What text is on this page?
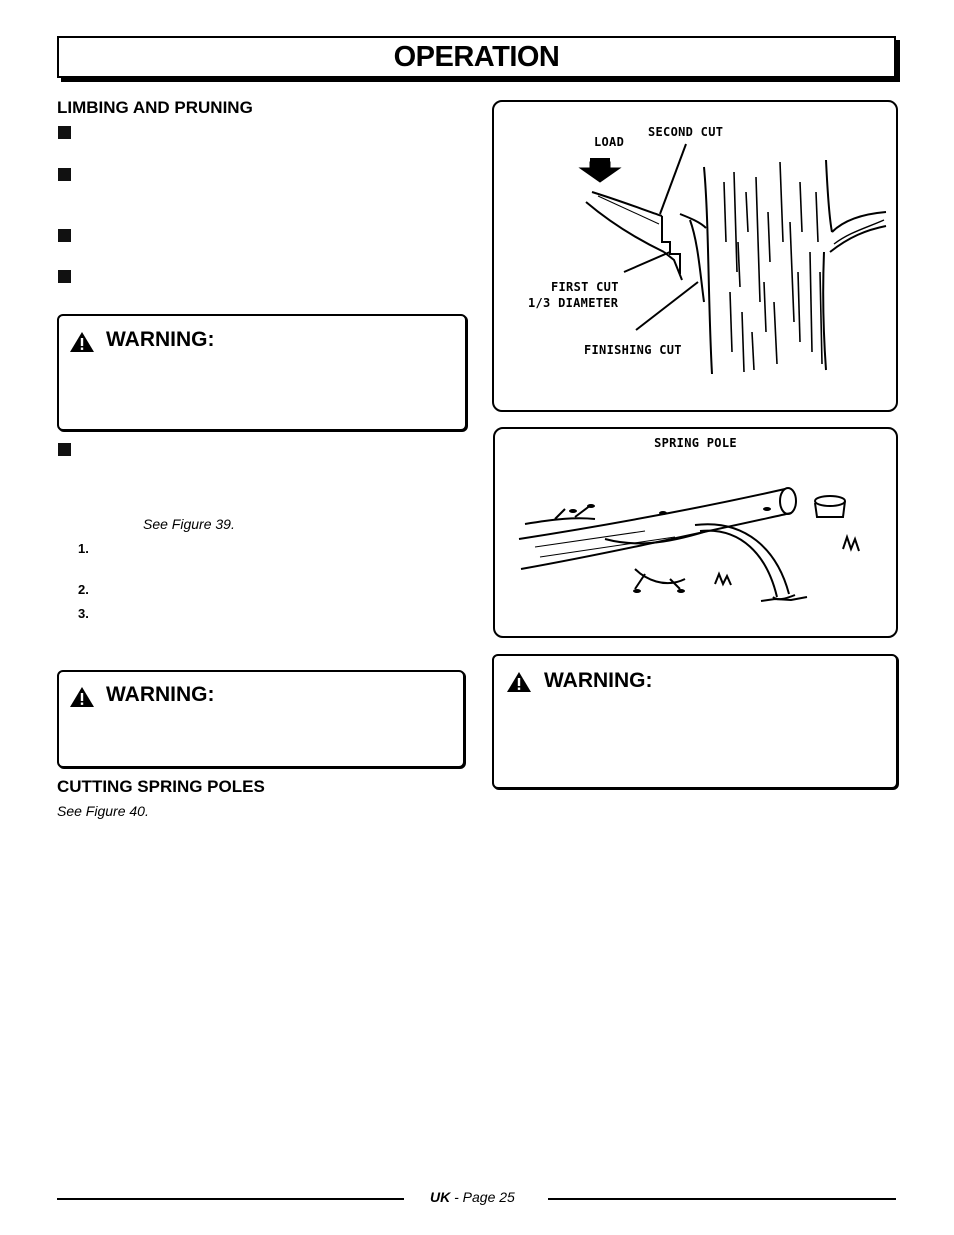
OPERATION
LIMBING AND PRUNING
WARNING:
See Figure 39.
1.
2.
3.
WARNING:
CUTTING SPRING POLES
See Figure 40.
LOAD
SECOND CUT
FIRST CUT
1/3 DIAMETER
FINISHING CUT
SPRING POLE
WARNING:
UK - Page 25
